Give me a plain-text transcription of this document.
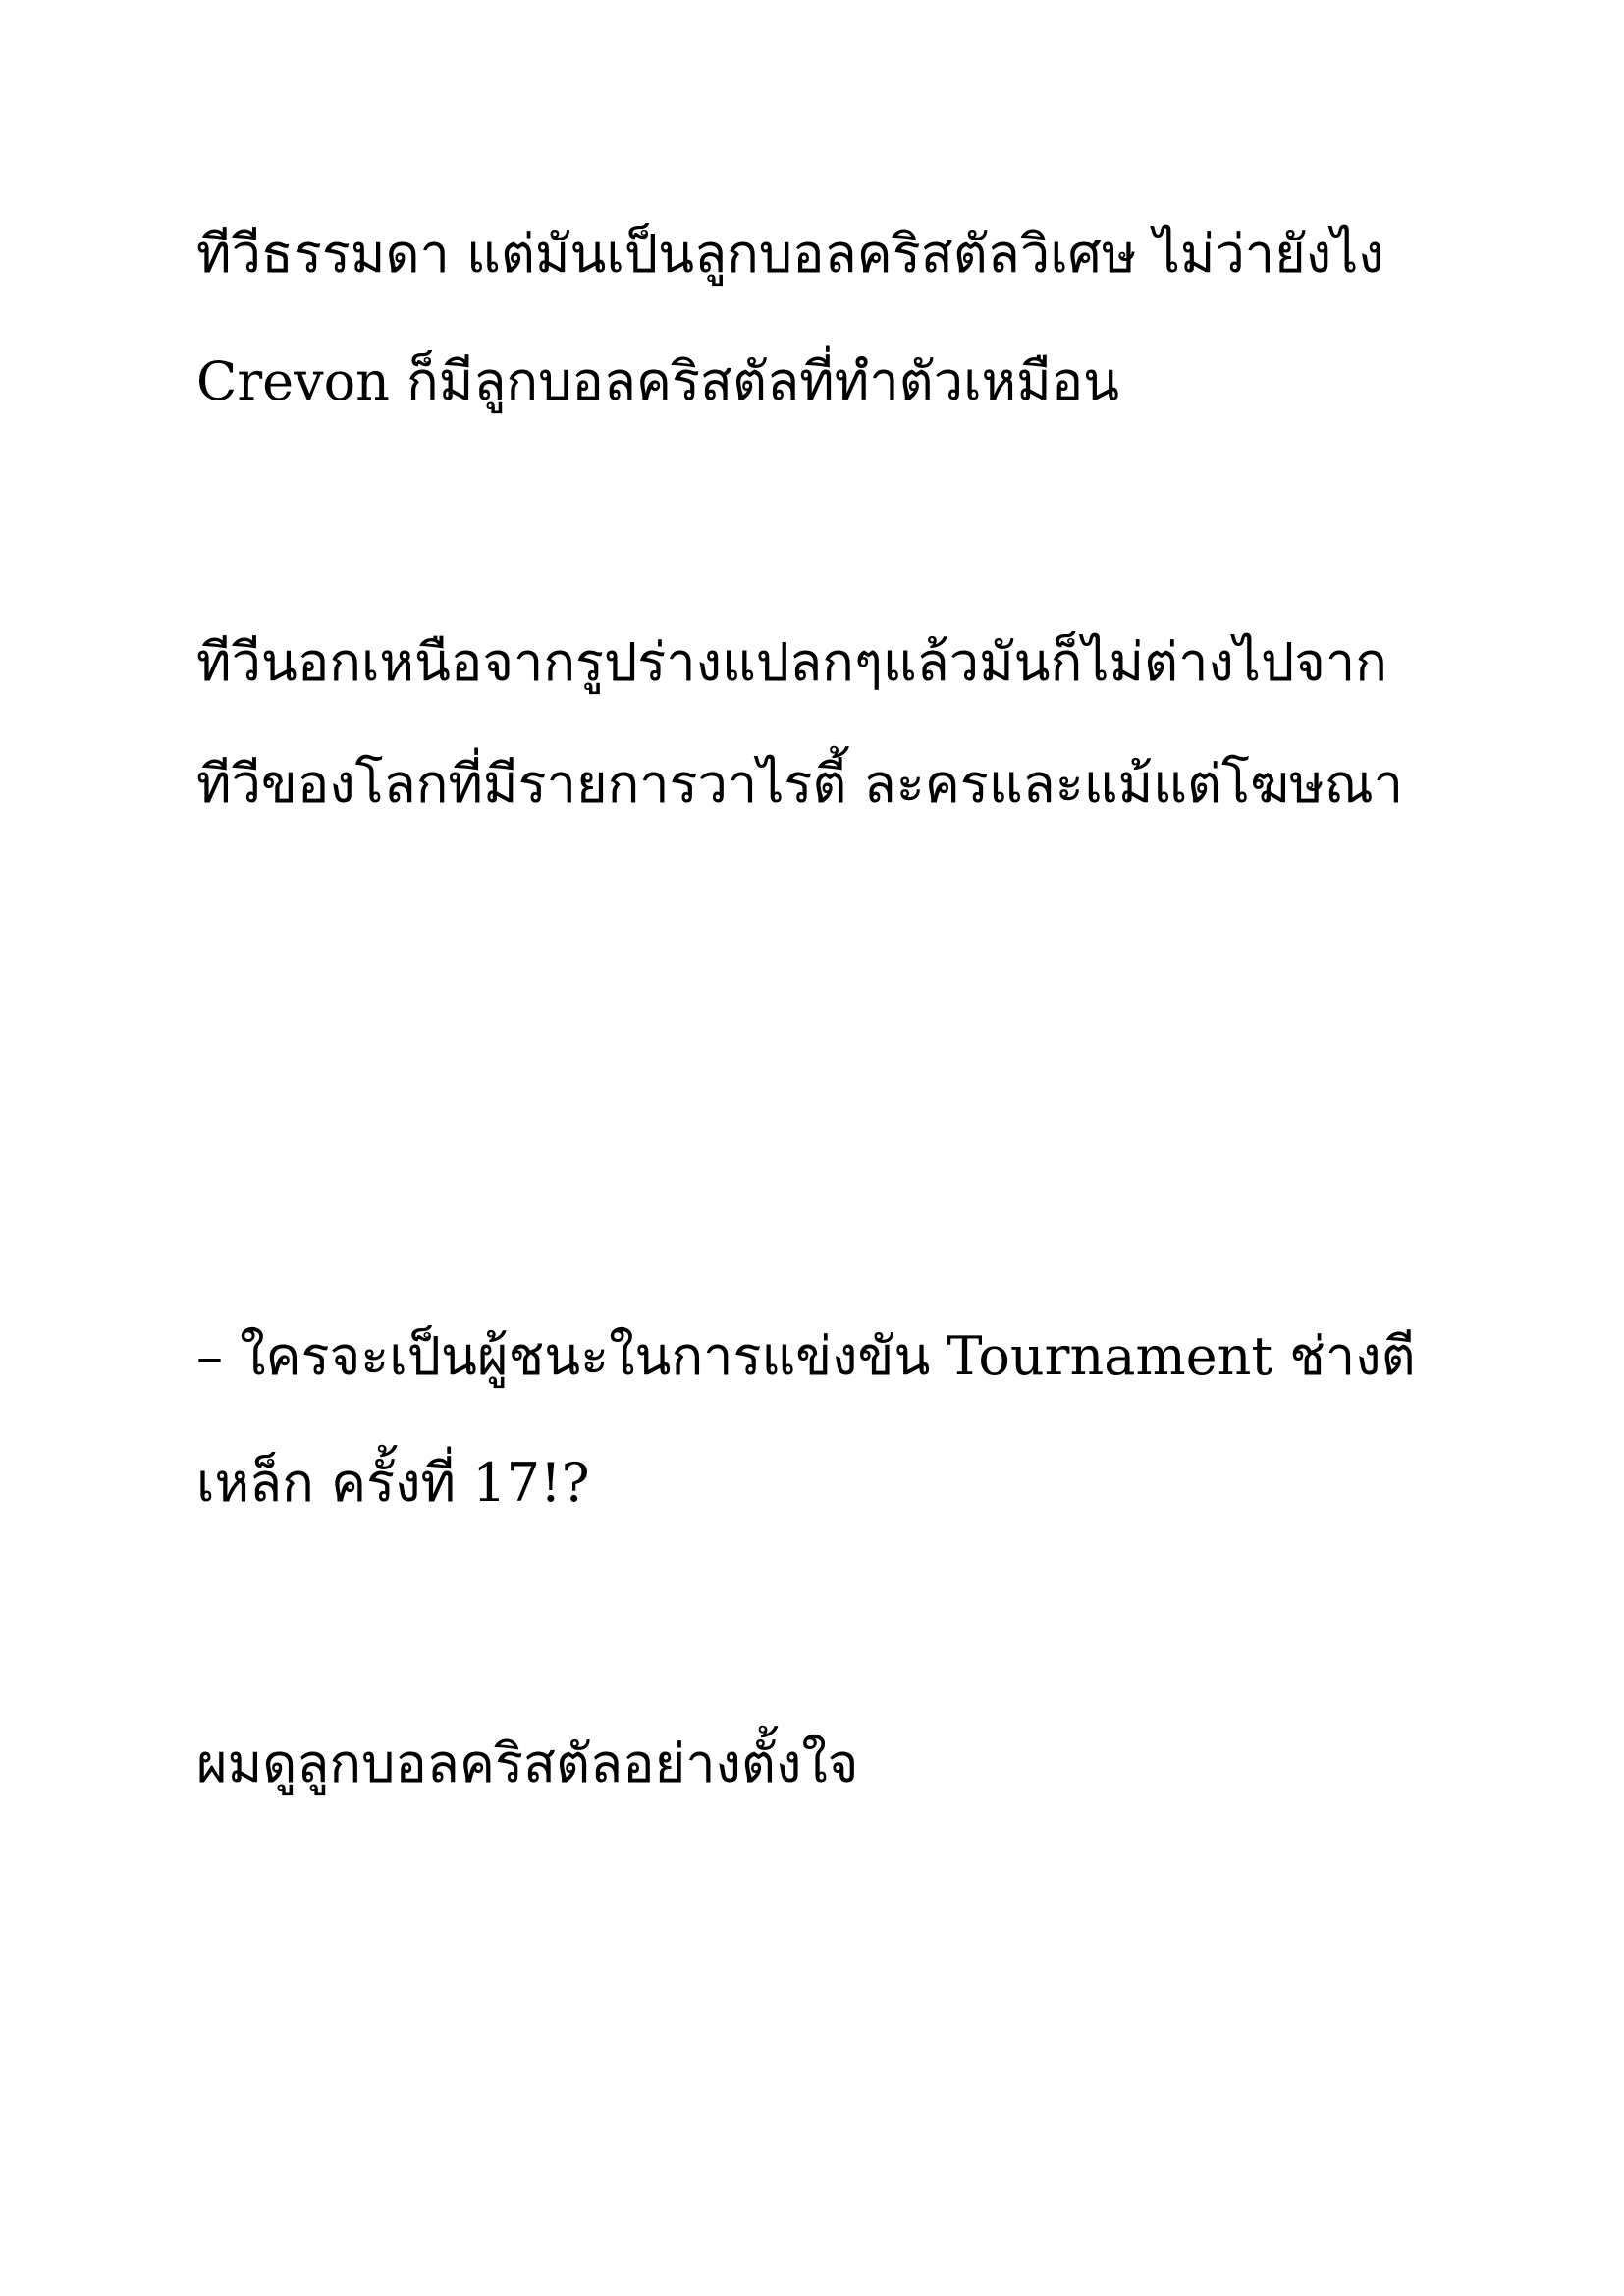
ทีวีธรรมดา แต่มันเป็นลูกบอลคริสตัลวิเศษ ไม่ว่ายังไง

Crevon ก็มีลูกบอลคริสตัลที่ทำตัวเหมือน

ทีวีนอกเหนือจากรูปร่างแปลกๆแล้วมันก็ไม่ต่างไปจาก

ทีวีของโลกที่มีรายการวาไรตี้ ละครและแม้แต่โฆษณา

– ใครจะเป็นผู้ชนะในการแข่งขัน Tournament ช่างตี

เหล็ก ครั้งที่ 17!?

ผมดูลูกบอลคริสตัลอย่างตั้งใจ
